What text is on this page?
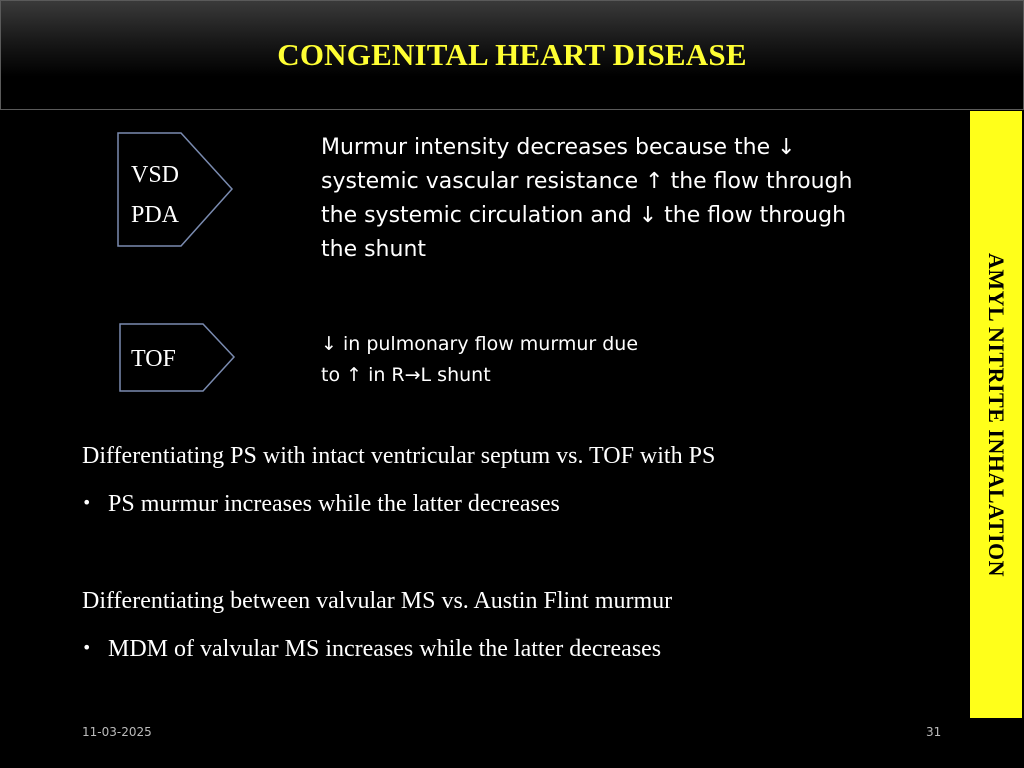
CONGENITAL HEART DISEASE
VSD
PDA
Murmur intensity decreases because the ↓
systemic vascular resistance ↑ the flow through
the systemic circulation and ↓ the flow through
the shunt
TOF
↓ in pulmonary flow murmur due
to ↑ in R→L shunt
Differentiating PS with intact ventricular septum vs. TOF with PS
• PS murmur increases while the latter decreases
Differentiating between valvular MS vs. Austin Flint murmur
• MDM of valvular MS increases while the latter decreases
AMYL NITRITE INHALATION
11-03-2025	31
